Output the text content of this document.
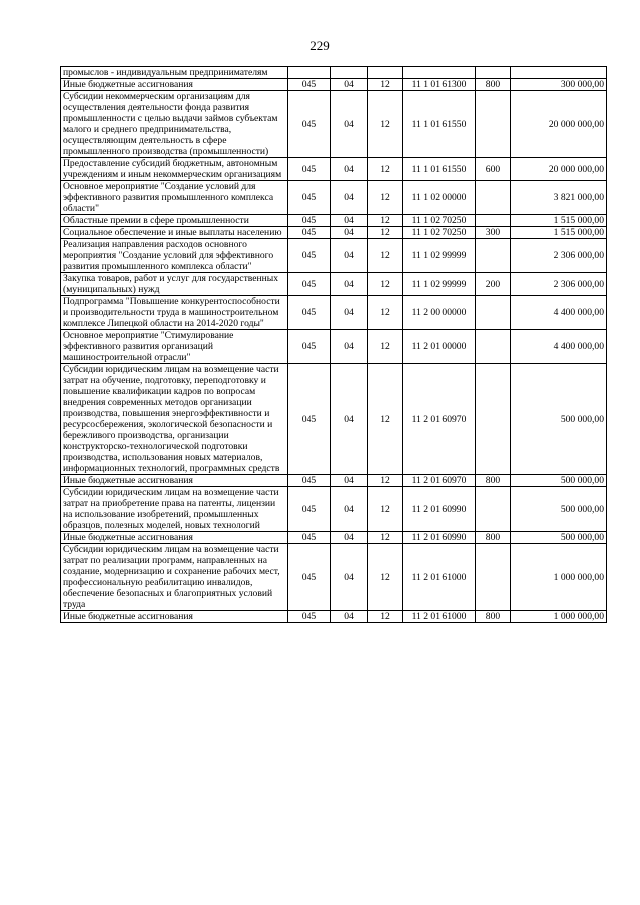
229
промыслов - индивидуальным предпринимателям						
Иные бюджетные ассигнования	045	04	12	11 1 01 61300	800	300 000,00
Субсидии некоммерческим организациям для осуществления деятельности фонда развития промышленности с целью выдачи займов субъектам малого и среднего предпринимательства, осуществляющим деятельность в сфере промышленного производства (промышленности)	045	04	12	11 1 01 61550		20 000 000,00
Предоставление субсидий бюджетным, автономным учреждениям и иным некоммерческим организациям	045	04	12	11 1 01 61550	600	20 000 000,00
Основное мероприятие "Создание условий для эффективного развития промышленного комплекса области"	045	04	12	11 1 02 00000		3 821 000,00
Областные премии в сфере промышленности	045	04	12	11 1 02 70250		1 515 000,00
Социальное обеспечение и иные выплаты населению	045	04	12	11 1 02 70250	300	1 515 000,00
Реализация направления расходов основного мероприятия "Создание условий для эффективного развития промышленного комплекса области"	045	04	12	11 1 02 99999		2 306 000,00
Закупка товаров, работ и услуг для государственных (муниципальных) нужд	045	04	12	11 1 02 99999	200	2 306 000,00
Подпрограмма "Повышение конкурентоспособности и производительности труда в машиностроительном комплексе Липецкой области на 2014-2020 годы"	045	04	12	11 2 00 00000		4 400 000,00
Основное мероприятие "Стимулирование эффективного развития организаций машиностроительной отрасли"	045	04	12	11 2 01 00000		4 400 000,00
Субсидии юридическим лицам на возмещение части затрат на обучение, подготовку, переподготовку и повышение квалификации кадров по вопросам внедрения современных методов организации производства, повышения энергоэффективности и ресурсосбережения, экологической безопасности и бережливого производства, организации конструкторско-технологической подготовки производства, использования новых материалов, информационных технологий, программных средств	045	04	12	11 2 01 60970		500 000,00
Иные бюджетные ассигнования	045	04	12	11 2 01 60970	800	500 000,00
Субсидии юридическим лицам на возмещение части затрат на приобретение права на патенты, лицензии на использование изобретений, промышленных образцов, полезных моделей, новых технологий	045	04	12	11 2 01 60990		500 000,00
Иные бюджетные ассигнования	045	04	12	11 2 01 60990	800	500 000,00
Субсидии юридическим лицам на возмещение части затрат по реализации программ, направленных на создание, модернизацию и сохранение рабочих мест, профессиональную реабилитацию инвалидов, обеспечение безопасных и благоприятных условий труда	045	04	12	11 2 01 61000		1 000 000,00
Иные бюджетные ассигнования	045	04	12	11 2 01 61000	800	1 000 000,00
